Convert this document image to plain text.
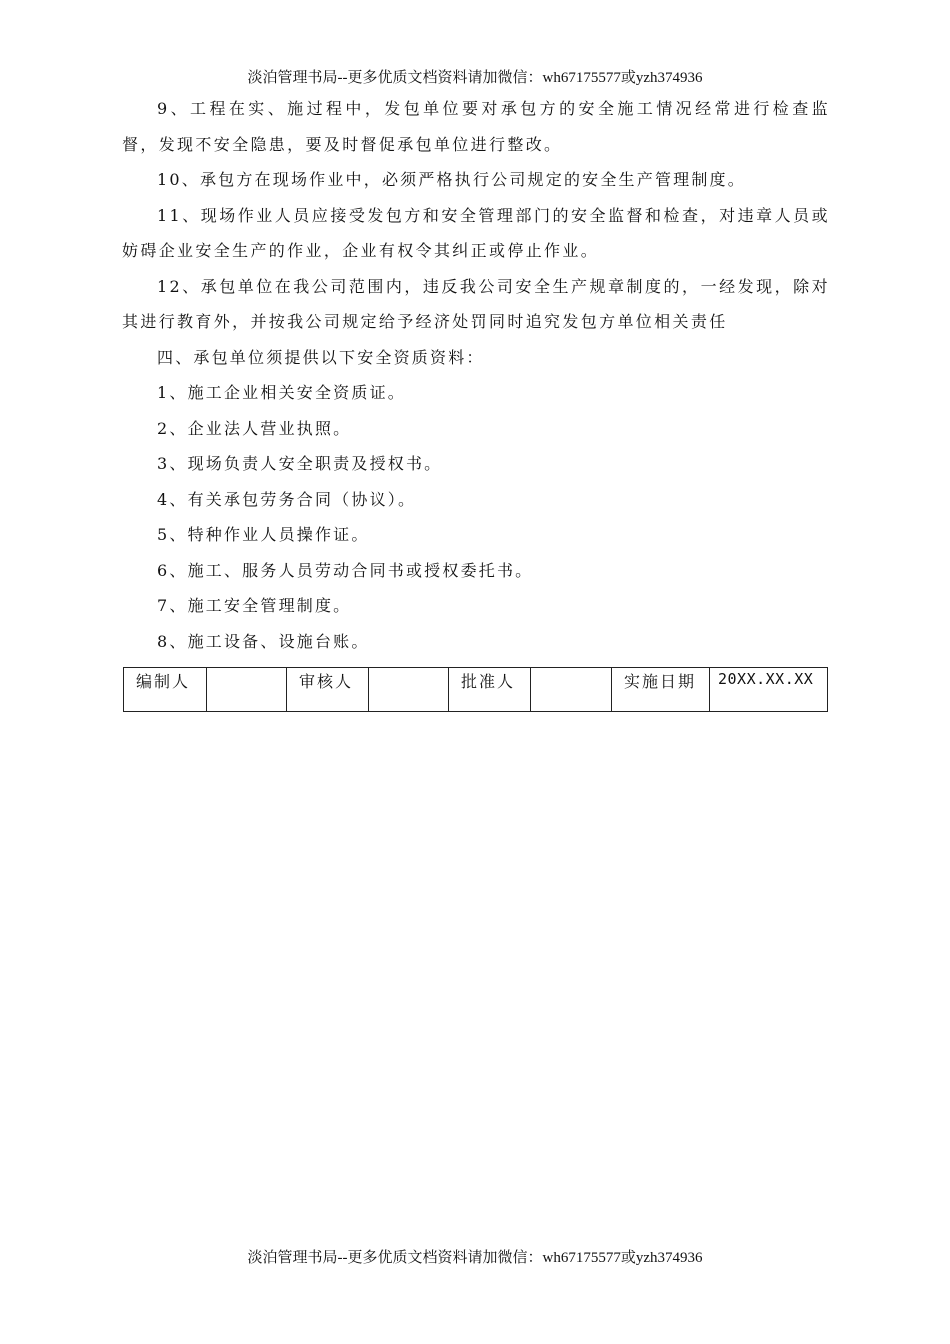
淡泊管理书局--更多优质文档资料请加微信：wh67175577或yzh374936

9、工程在实、施过程中，发包单位要对承包方的安全施工情况经常进行检查监督，发现不安全隐患，要及时督促承包单位进行整改。

10、承包方在现场作业中，必须严格执行公司规定的安全生产管理制度。

11、现场作业人员应接受发包方和安全管理部门的安全监督和检查，对违章人员或妨碍企业安全生产的作业，企业有权令其纠正或停止作业。

12、承包单位在我公司范围内，违反我公司安全生产规章制度的，一经发现，除对其进行教育外，并按我公司规定给予经济处罚同时追究发包方单位相关责任

四、承包单位须提供以下安全资质资料：

1、施工企业相关安全资质证。

2、企业法人营业执照。

3、现场负责人安全职责及授权书。

4、有关承包劳务合同（协议）。

5、特种作业人员操作证。

6、施工、服务人员劳动合同书或授权委托书。

7、施工安全管理制度。

8、施工设备、设施台账。

编制人		审核人		批准人		实施日期	20XX.XX.XX
淡泊管理书局--更多优质文档资料请加微信：wh67175577或yzh374936
